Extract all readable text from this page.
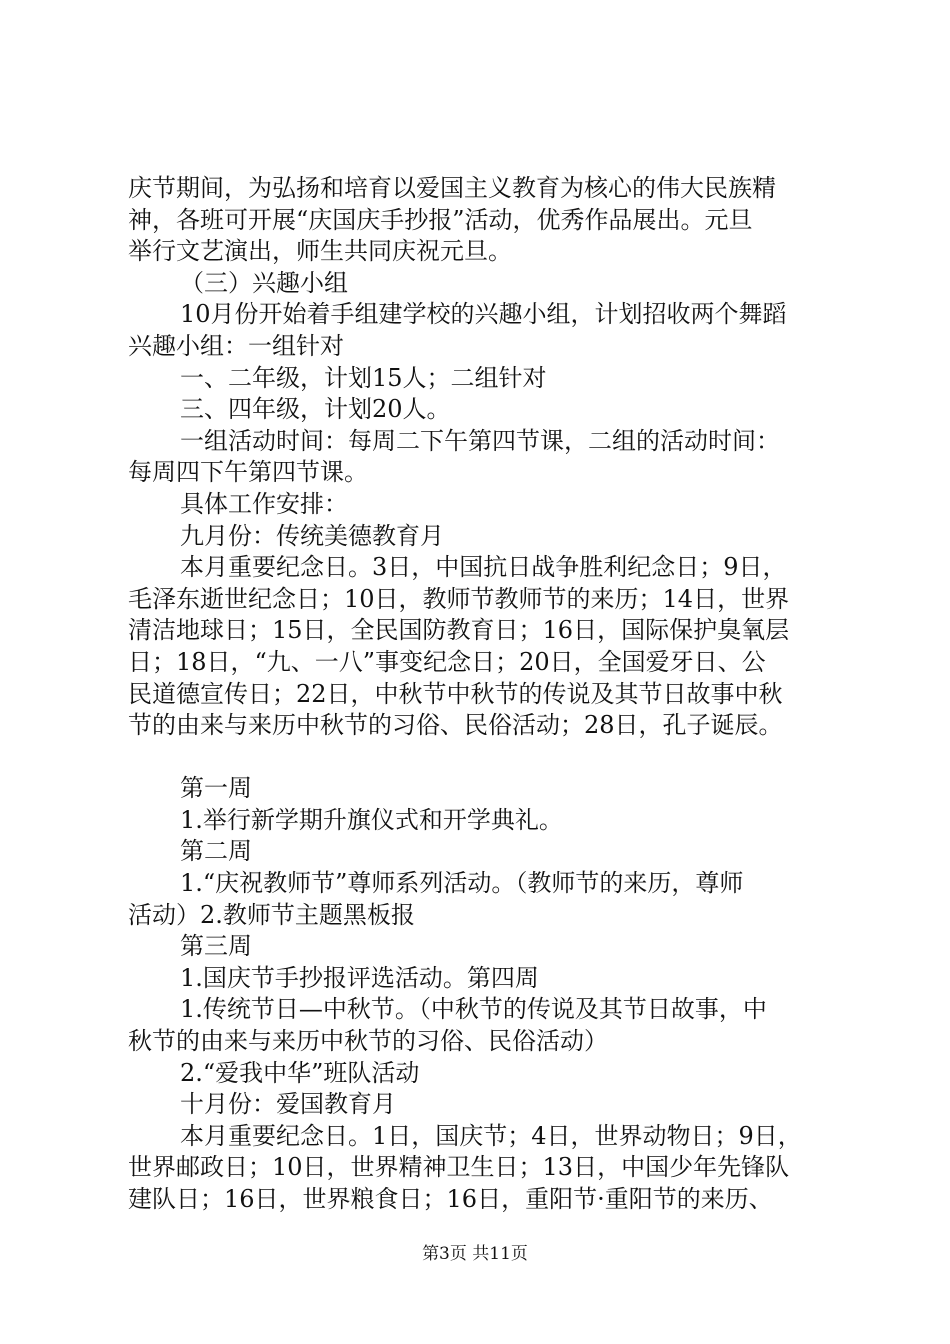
庆节期间，为弘扬和培育以爱国主义教育为核心的伟大民族精
神，各班可开展“庆国庆手抄报”活动，优秀作品展出。元旦
举行文艺演出，师生共同庆祝元旦。
（三）兴趣小组
10月份开始着手组建学校的兴趣小组，计划招收两个舞蹈
兴趣小组：一组针对
一、二年级，计划15人；二组针对
三、四年级，计划20人。
一组活动时间：每周二下午第四节课，二组的活动时间：
每周四下午第四节课。
具体工作安排：
九月份：传统美德教育月
本月重要纪念日。3日，中国抗日战争胜利纪念日；9日，
毛泽东逝世纪念日；10日，教师节教师节的来历；14日，世界
清洁地球日；15日，全民国防教育日；16日，国际保护臭氧层
日；18日，“九、一八”事变纪念日；20日，全国爱牙日、公
民道德宣传日；22日，中秋节中秋节的传说及其节日故事中秋
节的由来与来历中秋节的习俗、民俗活动；28日，孔子诞辰。
第一周
1.举行新学期升旗仪式和开学典礼。
第二周
1.“庆祝教师节”尊师系列活动。（教师节的来历，尊师
活动）2.教师节主题黑板报
第三周
1.国庆节手抄报评选活动。第四周
1.传统节日—中秋节。（中秋节的传说及其节日故事，中
秋节的由来与来历中秋节的习俗、民俗活动）
2.“爱我中华”班队活动
十月份：爱国教育月
本月重要纪念日。1日，国庆节；4日，世界动物日；9日，
世界邮政日；10日，世界精神卫生日；13日，中国少年先锋队
建队日；16日，世界粮食日；16日，重阳节·重阳节的来历、
第3页 共11页
